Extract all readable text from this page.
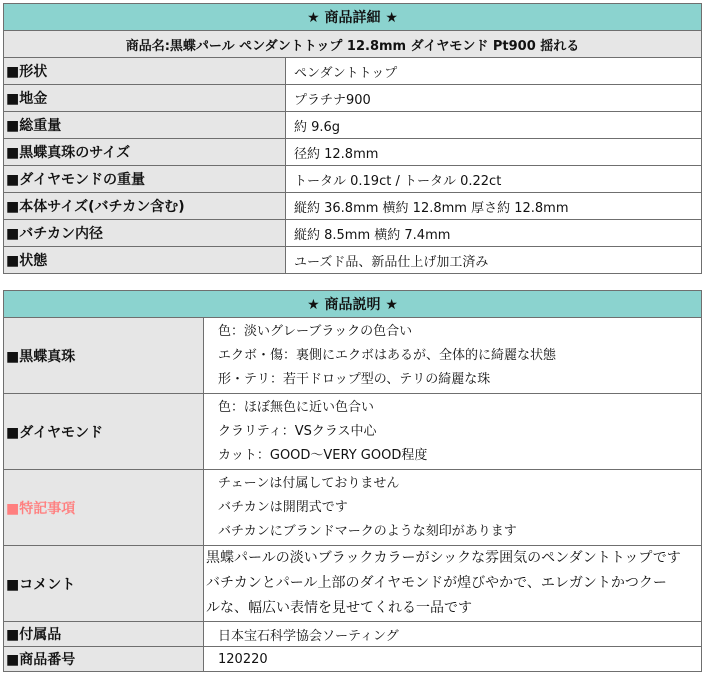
★ 商品詳細 ★	
商品名:黒蝶パール ペンダントトップ 12.8mm ダイヤモンド Pt900 揺れる	
■形状	ペンダントトップ
■地金	プラチナ900
■総重量	約 9.6g
■黒蝶真珠のサイズ	径約 12.8mm
■ダイヤモンドの重量	トータル 0.19ct / トータル 0.22ct
■本体サイズ(バチカン含む)	縦約 36.8mm 横約 12.8mm 厚さ約 12.8mm
■バチカン内径	縦約 8.5mm 横約 7.4mm
■状態	ユーズド品、新品仕上げ加工済み
★ 商品説明 ★	
■黒蝶真珠	色：淡いグレーブラックの色合い
エクボ・傷：裏側にエクボはあるが、全体的に綺麗な状態
形・テリ：若干ドロップ型の、テリの綺麗な珠

■ダイヤモンド	色：ほぼ無色に近い色合い
クラリティ：VSクラス中心
カット：GOOD～VERY GOOD程度

■特記事項	チェーンは付属しておりません
バチカンは開閉式です
バチカンにブランドマークのような刻印があります

■コメント	黒蝶パールの淡いブラックカラーがシックな雰囲気のペンダントトップです
バチカンとパール上部のダイヤモンドが煌びやかで、エレガントかつクー
ルな、幅広い表情を見せてくれる一品です

■付属品	日本宝石科学協会ソーティング
■商品番号	120220
